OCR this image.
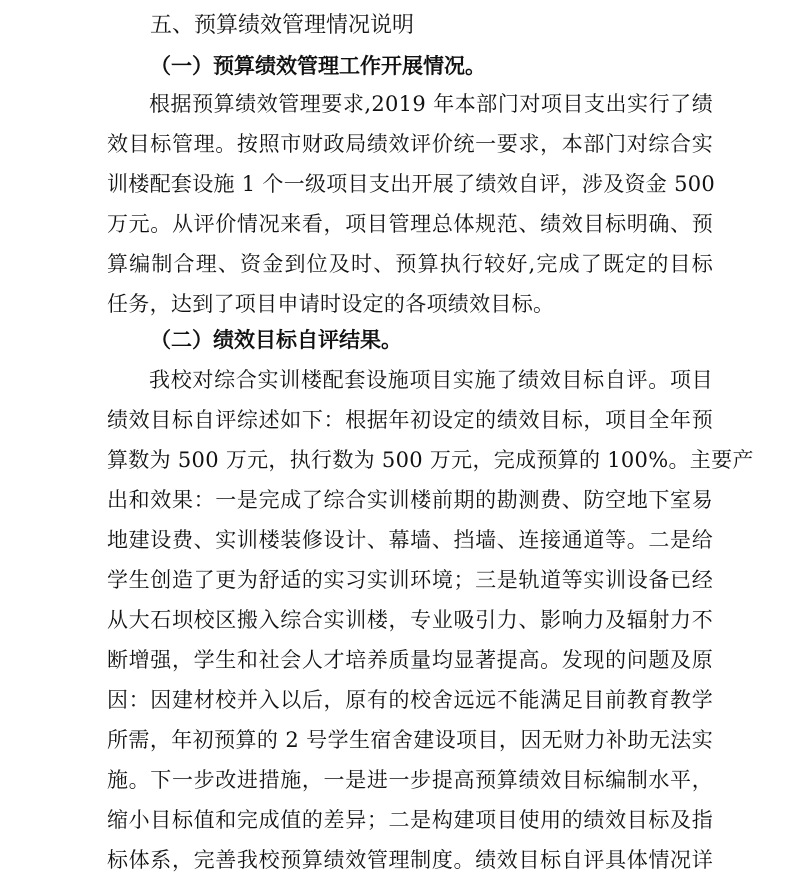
五、预算绩效管理情况说明
（一）预算绩效管理工作开展情况。
根据预算绩效管理要求,2019 年本部门对项目支出实行了绩
效目标管理。按照市财政局绩效评价统一要求，本部门对综合实
训楼配套设施 1 个一级项目支出开展了绩效自评，涉及资金 500
万元。从评价情况来看，项目管理总体规范、绩效目标明确、预
算编制合理、资金到位及时、预算执行较好,完成了既定的目标
任务，达到了项目申请时设定的各项绩效目标。
（二）绩效目标自评结果。
我校对综合实训楼配套设施项目实施了绩效目标自评。项目
绩效目标自评综述如下：根据年初设定的绩效目标，项目全年预
算数为 500 万元，执行数为 500 万元，完成预算的 100%。主要产
出和效果：一是完成了综合实训楼前期的勘测费、防空地下室易
地建设费、实训楼装修设计、幕墙、挡墙、连接通道等。二是给
学生创造了更为舒适的实习实训环境；三是轨道等实训设备已经
从大石坝校区搬入综合实训楼，专业吸引力、影响力及辐射力不
断增强，学生和社会人才培养质量均显著提高。发现的问题及原
因：因建材校并入以后，原有的校舍远远不能满足目前教育教学
所需，年初预算的 2 号学生宿舍建设项目，因无财力补助无法实
施。下一步改进措施，一是进一步提高预算绩效目标编制水平，
缩小目标值和完成值的差异；二是构建项目使用的绩效目标及指
标体系，完善我校预算绩效管理制度。绩效目标自评具体情况详
